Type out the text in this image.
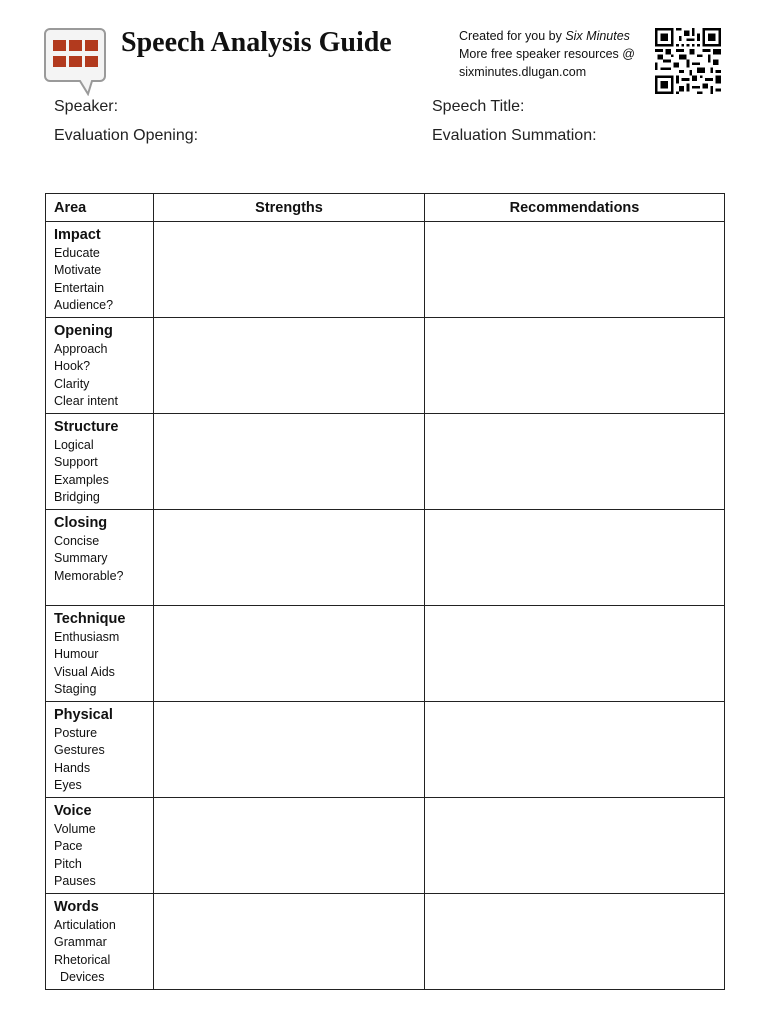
Speech Analysis Guide	Created for you by Six Minutes
More free speaker resources @
sixminutes.dlugan.com
Speaker:	Speech Title:
Evaluation Opening:	Evaluation Summation:
Area	Strengths	Recommendations

Impact
Educate
Motivate
Entertain
Audience?		

Opening
Approach
Hook?
Clarity
Clear intent		

Structure
Logical
Support
Examples
Bridging		

Closing
Concise
Summary
Memorable?		

Technique
Enthusiasm
Humour
Visual Aids
Staging		

Physical
Posture
Gestures
Hands
Eyes		

Voice
Volume
Pace
Pitch
Pauses		

Words
Articulation
Grammar
Rhetorical
Devices		
